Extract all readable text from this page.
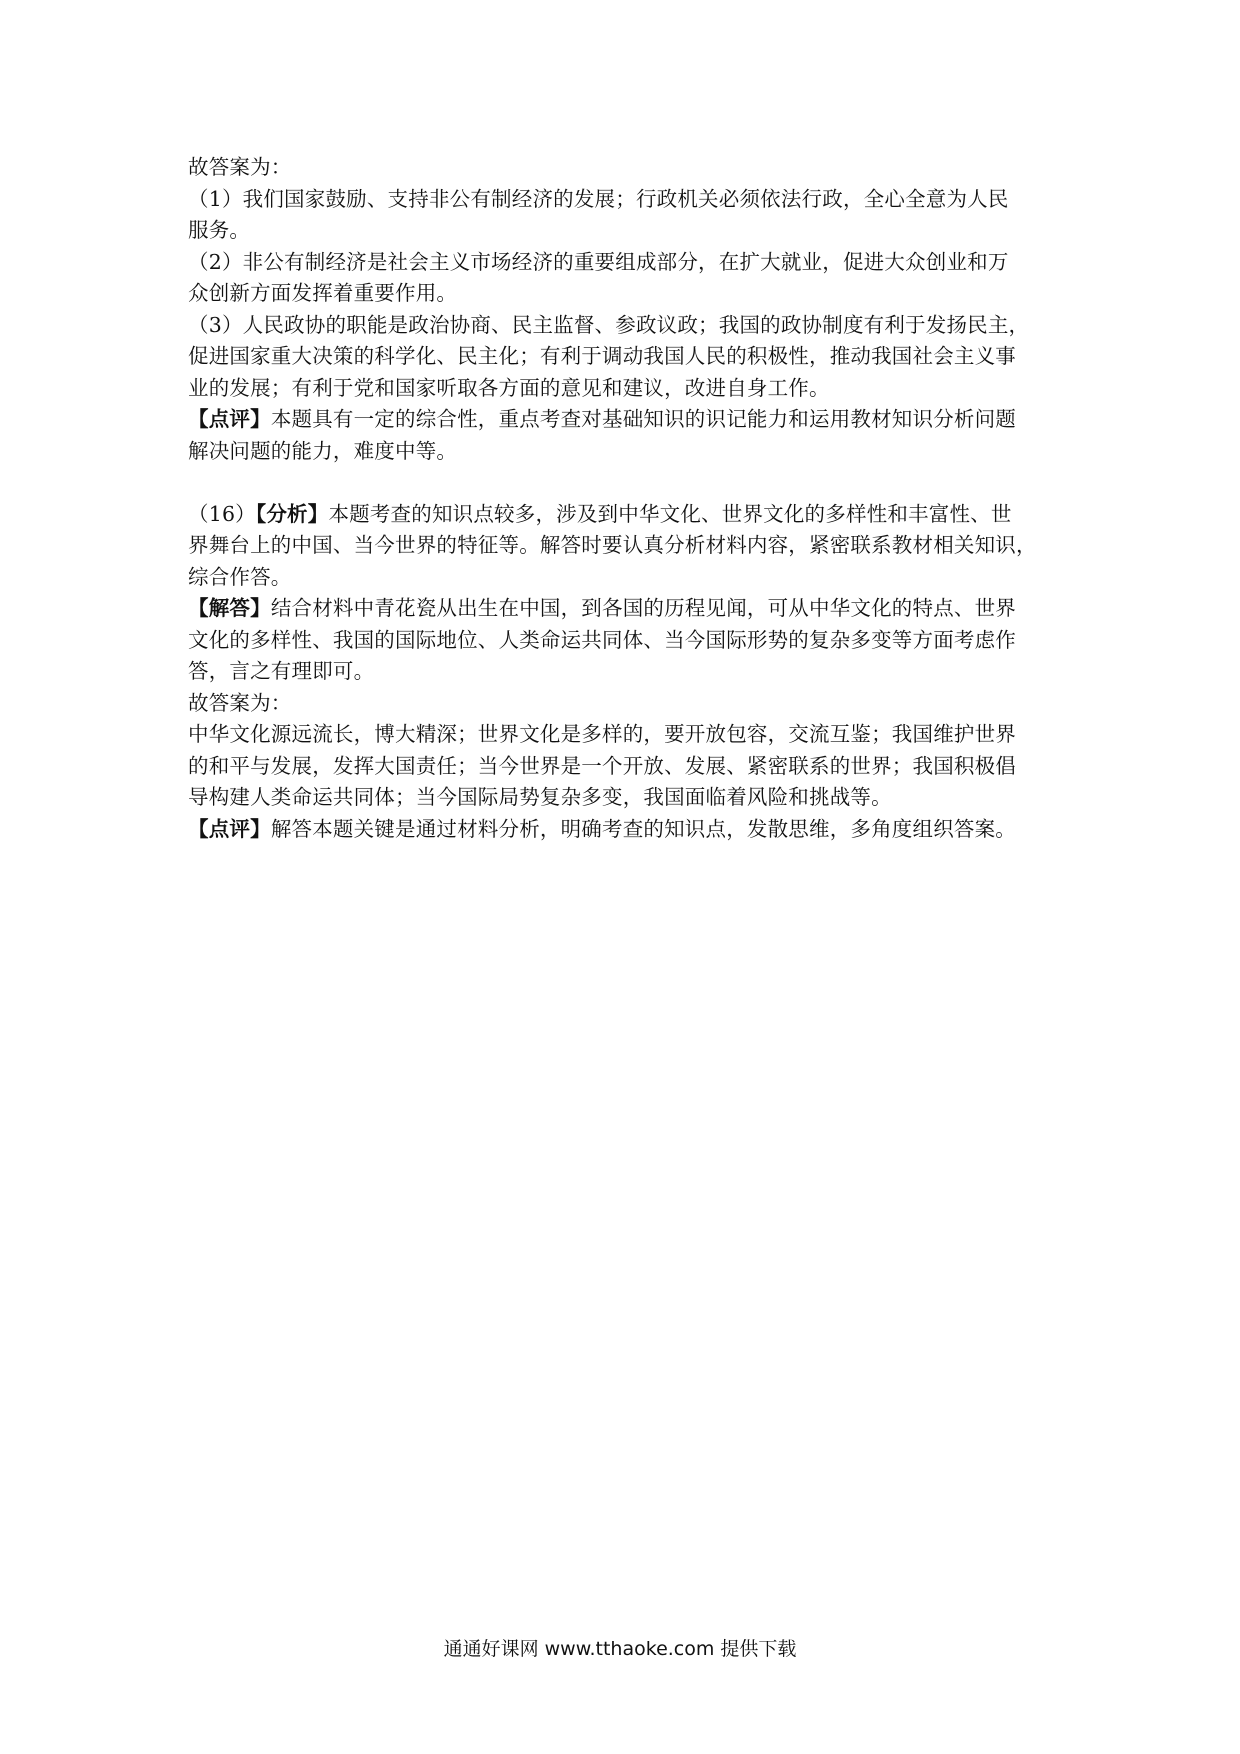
故答案为：

（1）我们国家鼓励、支持非公有制经济的发展；行政机关必须依法行政，全心全意为人民

服务。

（2）非公有制经济是社会主义市场经济的重要组成部分，在扩大就业，促进大众创业和万

众创新方面发挥着重要作用。

（3）人民政协的职能是政治协商、民主监督、参政议政；我国的政协制度有利于发扬民主，

促进国家重大决策的科学化、民主化；有利于调动我国人民的积极性，推动我国社会主义事

业的发展；有利于党和国家听取各方面的意见和建议，改进自身工作。

【点评】本题具有一定的综合性，重点考查对基础知识的识记能力和运用教材知识分析问题

解决问题的能力，难度中等。

（16）【分析】本题考查的知识点较多，涉及到中华文化、世界文化的多样性和丰富性、世

界舞台上的中国、当今世界的特征等。解答时要认真分析材料内容，紧密联系教材相关知识，

综合作答。

【解答】结合材料中青花瓷从出生在中国，到各国的历程见闻，可从中华文化的特点、世界

文化的多样性、我国的国际地位、人类命运共同体、当今国际形势的复杂多变等方面考虑作

答，言之有理即可。

故答案为：

中华文化源远流长，博大精深；世界文化是多样的，要开放包容，交流互鉴；我国维护世界

的和平与发展，发挥大国责任；当今世界是一个开放、发展、紧密联系的世界；我国积极倡

导构建人类命运共同体；当今国际局势复杂多变，我国面临着风险和挑战等。

【点评】解答本题关键是通过材料分析，明确考查的知识点，发散思维，多角度组织答案。

通通好课网 www.tthaoke.com 提供下载
